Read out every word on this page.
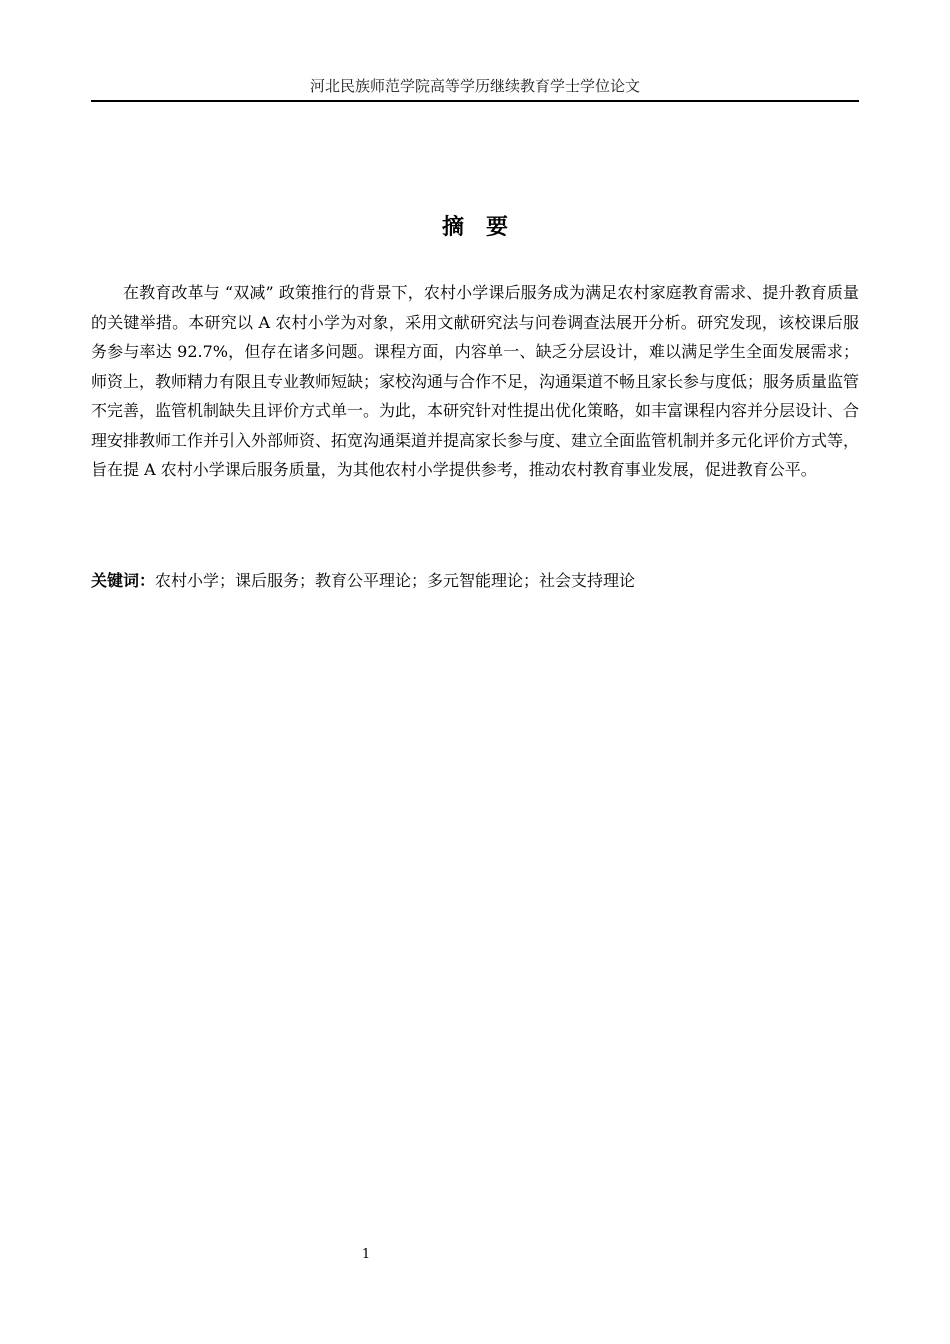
河北民族师范学院高等学历继续教育学士学位论文
摘 要

在教育改革与 “双减” 政策推行的背景下，农村小学课后服务成为满足农村家庭教育需求、提升教育质量的关键举措。本研究以 A 农村小学为对象，采用文献研究法与问卷调查法展开分析。研究发现，该校课后服务参与率达 92.7%，但存在诸多问题。课程方面，内容单一、缺乏分层设计，难以满足学生全面发展需求；师资上，教师精力有限且专业教师短缺；家校沟通与合作不足，沟通渠道不畅且家长参与度低；服务质量监管不完善，监管机制缺失且评价方式单一。为此，本研究针对性提出优化策略，如丰富课程内容并分层设计、合理安排教师工作并引入外部师资、拓宽沟通渠道并提高家长参与度、建立全面监管机制并多元化评价方式等，旨在提 A 农村小学课后服务质量，为其他农村小学提供参考，推动农村教育事业发展，促进教育公平。

关键词：农村小学；课后服务；教育公平理论；多元智能理论；社会支持理论

1
